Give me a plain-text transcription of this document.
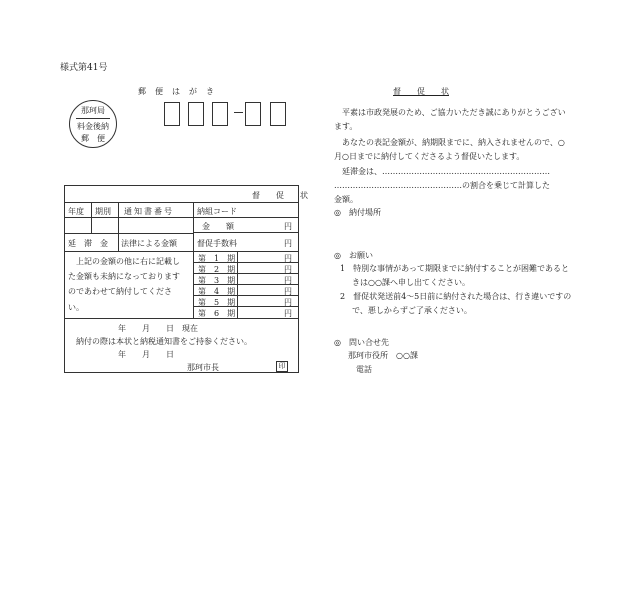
様式第41号
郵便はがき
那珂局
料金後納
郵　便
督　　促　　状
年度 期別 通知書番号	納組コード
金　　額	円
延　滞　金 法律による金額	督促手数料	円
第　1　期	円
第　2　期	円
第　3　期	円
第　4　期	円
第　5　期	円
第　6　期	円
上記の金額の他に右に記載し
た金額も未納になっております
のであわせて納付してくださ
い。
年　　月　　日　現在
納付の際は本状と納税通知書をご持参ください。
年　　月　　日
那珂市長	印
督　　促　　状
平素は市政発展のため、ご協力いただき誠にありがとうござい
ます。
あなたの表記金額が、納期限までに、納入されませんので、○
月○日までに納付してくださるよう督促いたします。
延滞金は、………………………………………………………
…………………………………………の割合を乗じて計算した
金額。
◎　納付場所
◎　お願い
1　特別な事情があって期限までに納付することが困難であると
きは○○課へ申し出てください。
2　督促状発送前4～5日前に納付された場合は、行き違いですの
で、悪しからずご了承ください。
◎　問い合せ先
那珂市役所　○○課
電話
